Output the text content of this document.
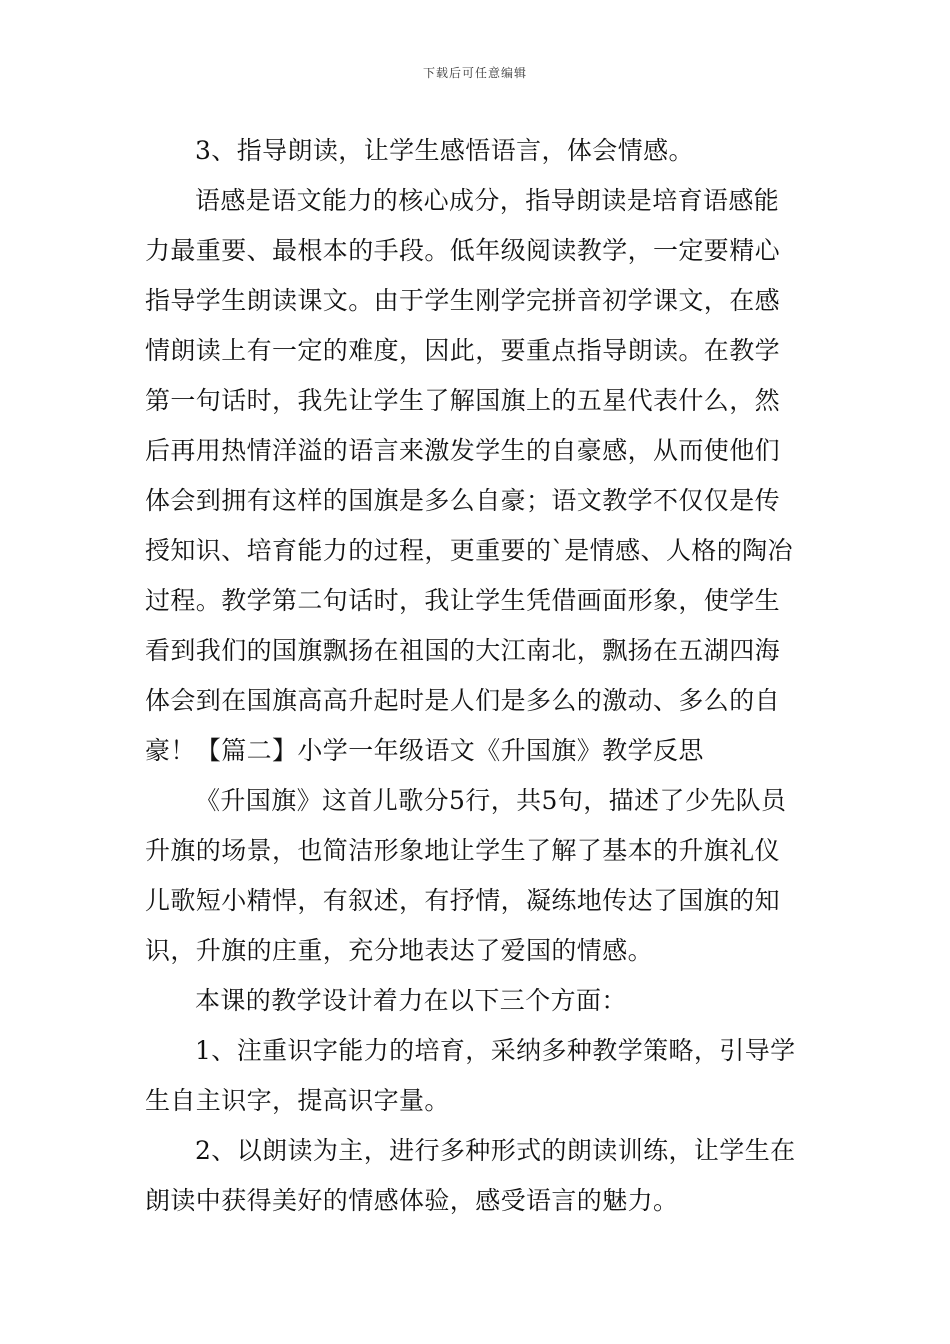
下载后可任意编辑
3、指导朗读，让学生感悟语言，体会情感。
语感是语文能力的核心成分，指导朗读是培育语感能
力最重要、最根本的手段。低年级阅读教学，一定要精心
指导学生朗读课文。由于学生刚学完拼音初学课文，在感
情朗读上有一定的难度，因此，要重点指导朗读。在教学
第一句话时，我先让学生了解国旗上的五星代表什么，然
后再用热情洋溢的语言来激发学生的自豪感，从而使他们
体会到拥有这样的国旗是多么自豪；语文教学不仅仅是传
授知识、培育能力的过程，更重要的`是情感、人格的陶冶
过程。教学第二句话时，我让学生凭借画面形象，使学生
看到我们的国旗飘扬在祖国的大江南北，飘扬在五湖四海
体会到在国旗高高升起时是人们是多么的激动、多么的自
豪！【篇二】小学一年级语文《升国旗》教学反思
《升国旗》这首儿歌分5行，共5句，描述了少先队员
升旗的场景，也简洁形象地让学生了解了基本的升旗礼仪
儿歌短小精悍，有叙述，有抒情，凝练地传达了国旗的知
识，升旗的庄重，充分地表达了爱国的情感。
本课的教学设计着力在以下三个方面：
1、注重识字能力的培育，采纳多种教学策略，引导学
生自主识字，提高识字量。
2、以朗读为主，进行多种形式的朗读训练，让学生在
朗读中获得美好的情感体验，感受语言的魅力。
